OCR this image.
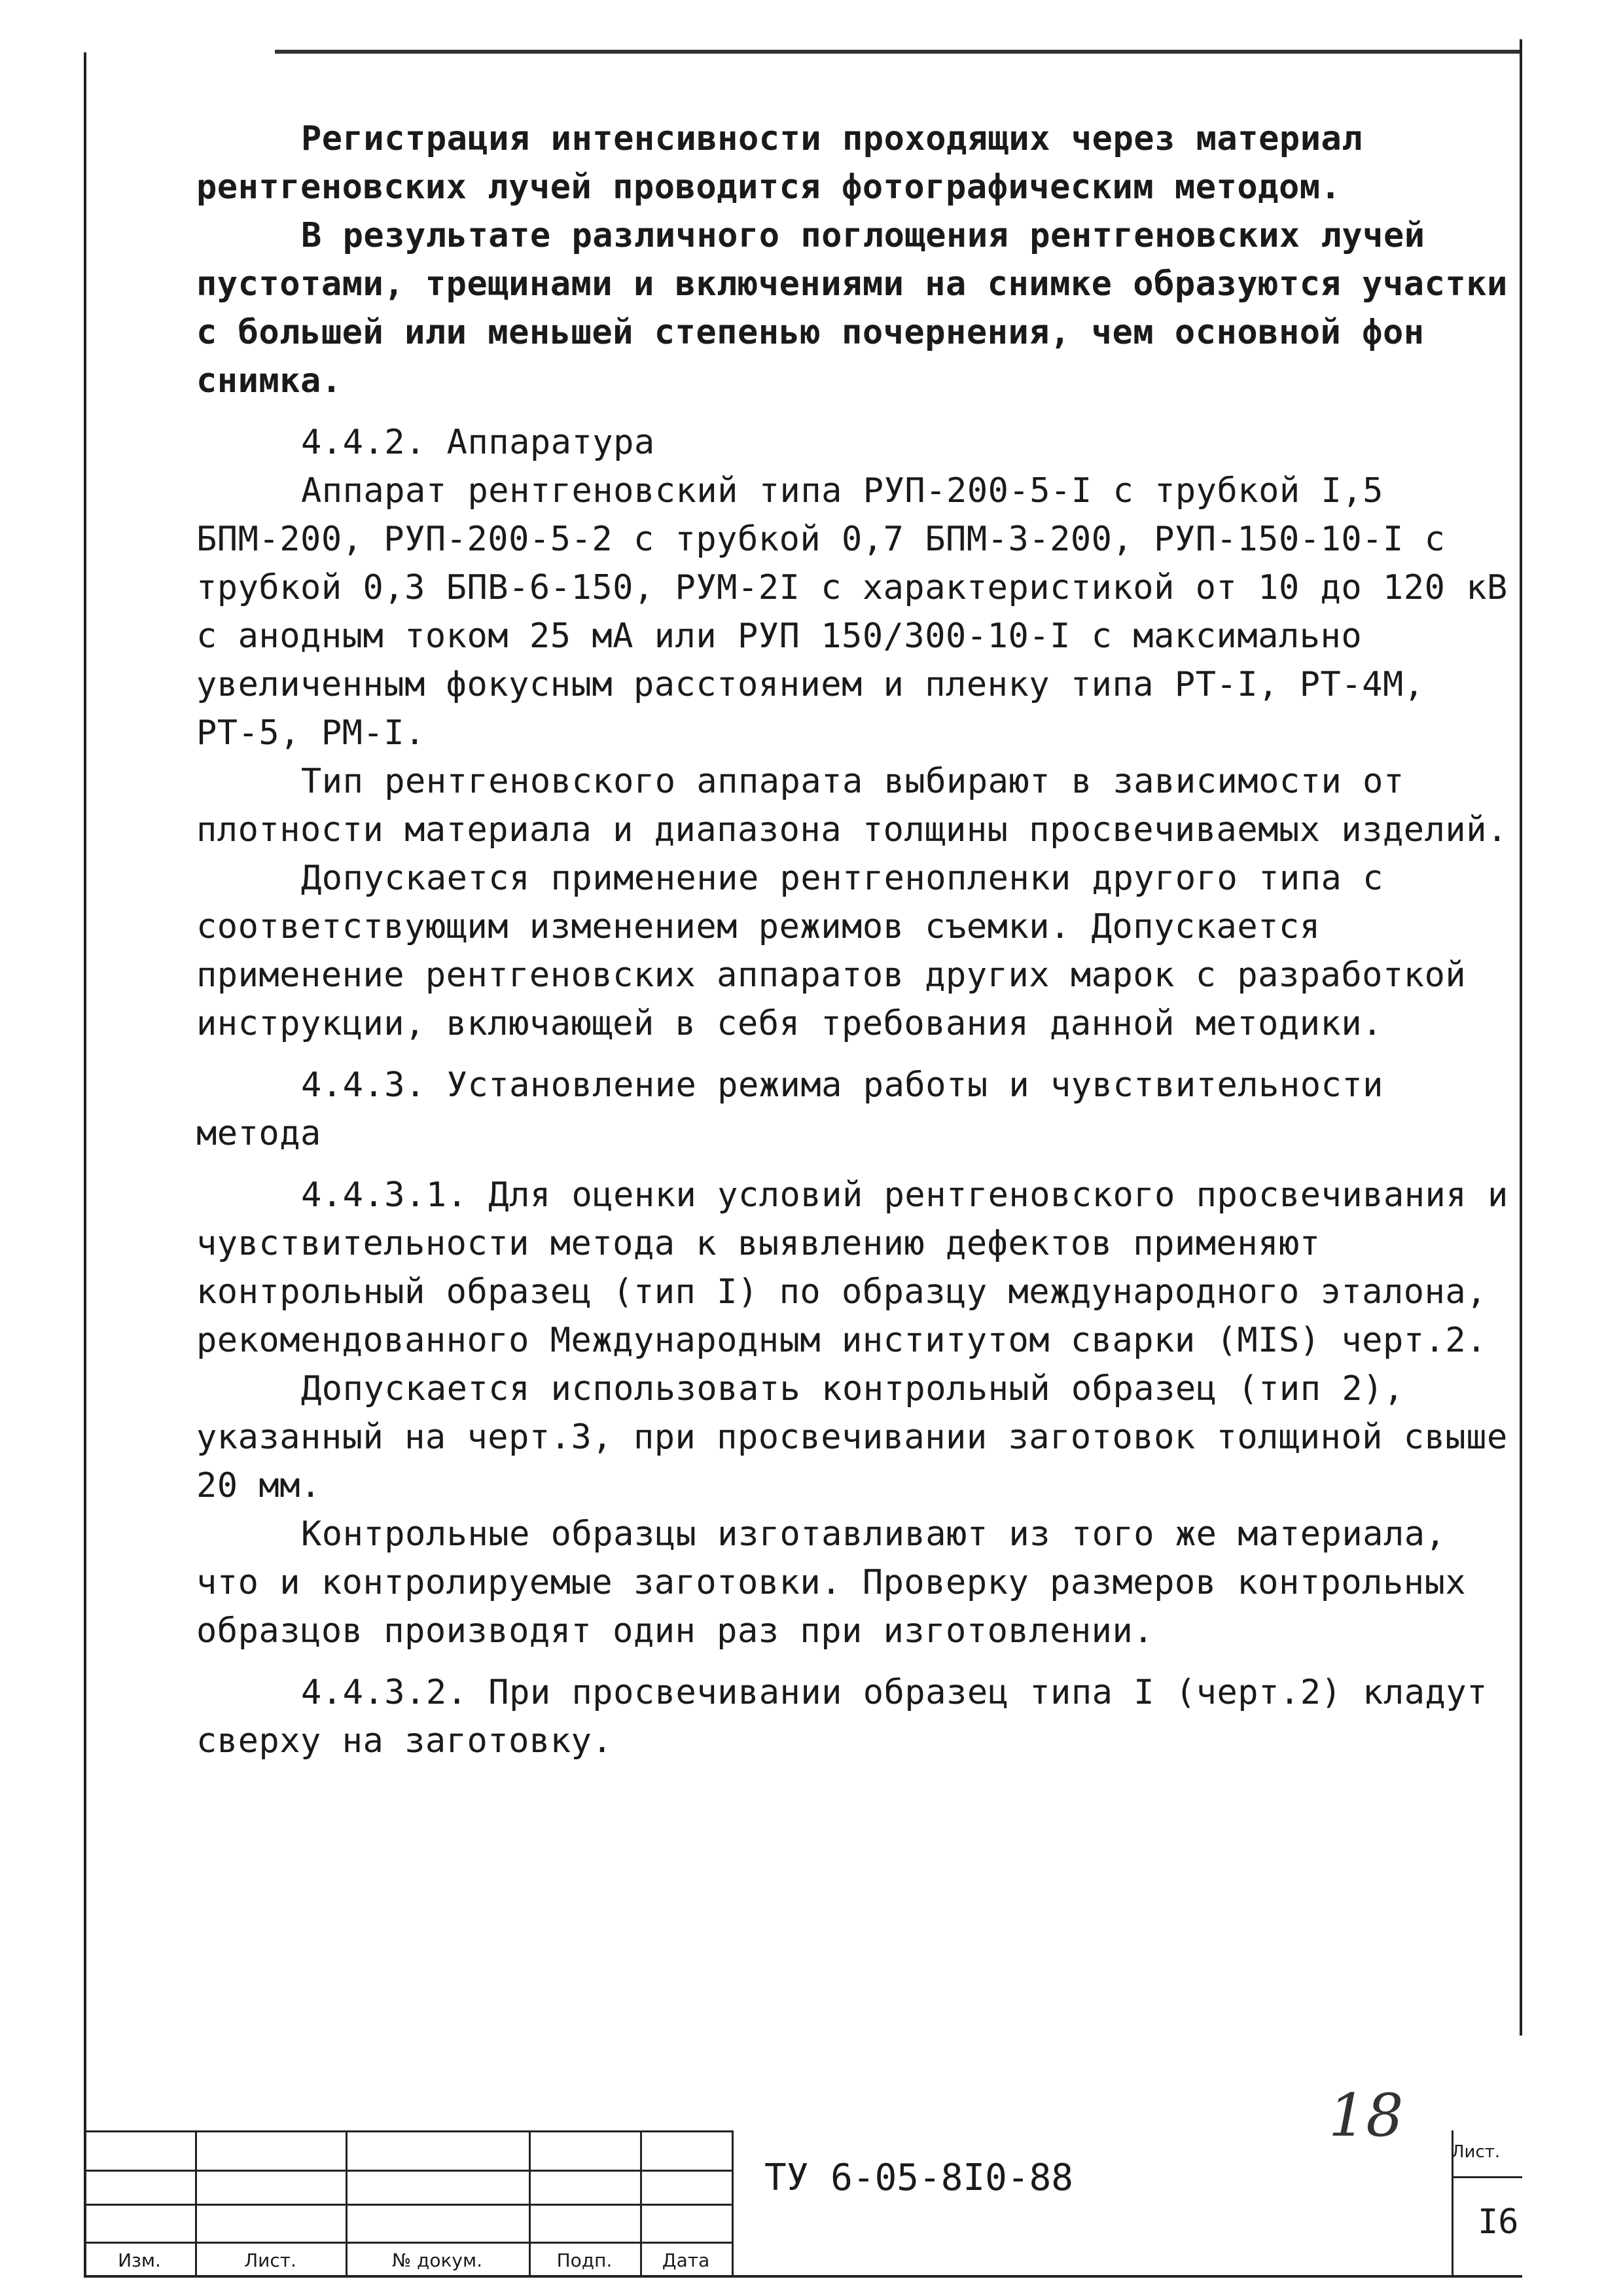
Регистрация интенсивности проходящих через материал рентгеновских лучей проводится фотографическим методом.

В результате различного поглощения рентгеновских лучей пустотами, трещинами и включениями на снимке образуются участки с большей или меньшей степенью почернения, чем основной фон снимка.

4.4.2. Аппаратура

Аппарат рентгеновский типа РУП-200-5-I с трубкой I,5 БПМ-200, РУП-200-5-2 с трубкой 0,7 БПМ-3-200, РУП-150-10-I с трубкой 0,3 БПВ-6-150, РУМ-2I с характеристикой от 10 до 120 кВ с анодным током 25 мА или РУП 150/300-10-I с максимально увеличенным фокусным расстоянием и пленку типа РТ-I, РТ-4М, РТ-5, РМ-I.

Тип рентгеновского аппарата выбирают в зависимости от плотности материала и диапазона толщины просвечиваемых изделий.

Допускается применение рентгенопленки другого типа с соответствующим изменением режимов съемки. Допускается применение рентгеновских аппаратов других марок с разработкой инструкции, включающей в себя требования данной методики.

4.4.3. Установление режима работы и чувствительности метода

4.4.3.1. Для оценки условий рентгеновского просвечивания и чувствительности метода к выявлению дефектов применяют контрольный образец (тип I) по образцу международного эталона, рекомендованного Международным институтом сварки (MIS) черт.2.

Допускается использовать контрольный образец (тип 2), указанный на черт.3, при просвечивании заготовок толщиной свыше 20 мм.

Контрольные образцы изготавливают из того же материала, что и контролируемые заготовки. Проверку размеров контрольных образцов производят один раз при изготовлении.

4.4.3.2. При просвечивании образец типа I (черт.2) кладут сверху на заготовку.

18
Изм.	Лист.	№ докум.	Подп.	Дата
ТУ 6-05-8I0-88
Лист.
I6
